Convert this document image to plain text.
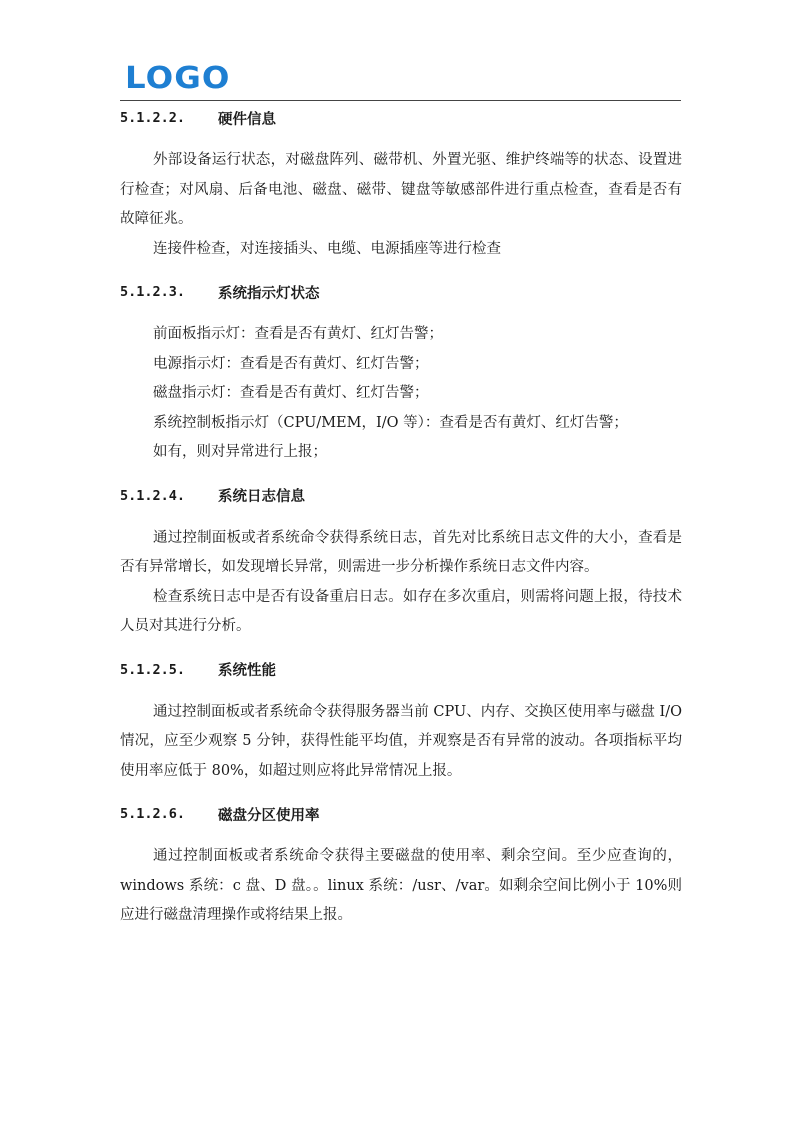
LOGO
5.1.2.2.	硬件信息

外部设备运行状态，对磁盘阵列、磁带机、外置光驱、维护终端等的状态、设置进行检查；对风扇、后备电池、磁盘、磁带、键盘等敏感部件进行重点检查，查看是否有故障征兆。

连接件检查，对连接插头、电缆、电源插座等进行检查

5.1.2.3.	系统指示灯状态

前面板指示灯：查看是否有黄灯、红灯告警；

电源指示灯：查看是否有黄灯、红灯告警；

磁盘指示灯：查看是否有黄灯、红灯告警；

系统控制板指示灯（CPU/MEM，I/O 等）：查看是否有黄灯、红灯告警；

如有，则对异常进行上报；

5.1.2.4.	系统日志信息

通过控制面板或者系统命令获得系统日志，首先对比系统日志文件的大小，查看是否有异常增长，如发现增长异常，则需进一步分析操作系统日志文件内容。

检查系统日志中是否有设备重启日志。如存在多次重启，则需将问题上报，待技术人员对其进行分析。

5.1.2.5.	系统性能

通过控制面板或者系统命令获得服务器当前 CPU、内存、交换区使用率与磁盘 I/O 情况，应至少观察 5 分钟，获得性能平均值，并观察是否有异常的波动。各项指标平均使用率应低于 80%，如超过则应将此异常情况上报。

5.1.2.6.	磁盘分区使用率

通过控制面板或者系统命令获得主要磁盘的使用率、剩余空间。至少应查询的，windows 系统：c 盘、D 盘。。linux 系统：/usr、/var。如剩余空间比例小于 10%则应进行磁盘清理操作或将结果上报。
